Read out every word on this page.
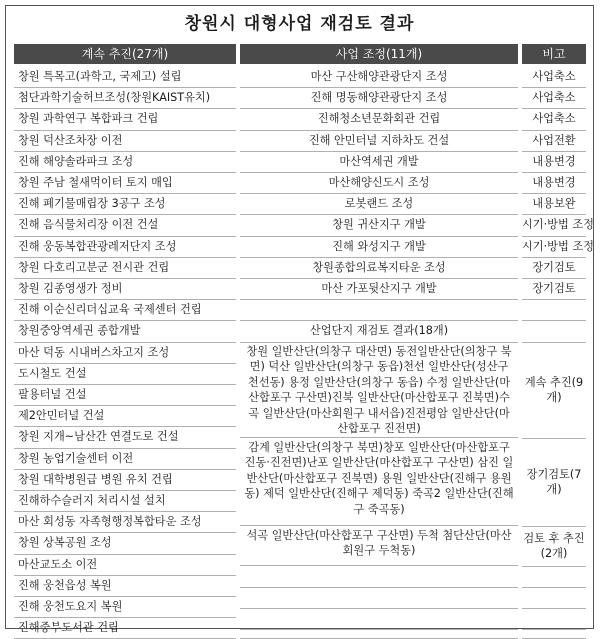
창원시 대형사업 재검토 결과
계속 추진(27개)
창원 특목고(과학고, 국제고) 설립
첨단과학기술허브조성(창원KAIST유치)
창원 과학연구 복합파크 건립
창원 덕산조차장 이전
진해 해양솔라파크 조성
창원 주남 철새먹이터 토지 매입
진해 폐기물매립장 3공구 조성
진해 음식물처리장 이전 건설
진해 웅동복합관광레저단지 조성
창원 다호리고분군 전시관 건립
창원 김종영생가 정비
진해 이순신리더십교육 국제센터 건립
창원중앙역세권 종합개발
마산 덕동 시내버스차고지 조성
도시철도 건설
팔용터널 건설
제2안민터널 건설
창원 지개~남산간 연결도로 건설
창원 농업기술센터 이전
창원 대학병원급 병원 유치 건립
진해하수슬러지 처리시설 설치
마산 회성동 자족형행정복합타운 조성
창원 상복공원 조성
마산교도소 이전
진해 웅천읍성 복원
진해 웅천도요지 복원
진해중부도서관 건립
사업 조정(11개)
마산 구산해양관광단지 조성
진해 명동해양관광단지 조성
진해청소년문화회관 건립
진해 안민터널 지하차도 건설
마산역세권 개발
마산해양신도시 조성
로봇랜드 조성
창원 귀산지구 개발
진해 와성지구 개발
창원종합의료복지타운 조성
마산 가포뒷산지구 개발
산업단지 재검토 결과(18개)
창원 일반산단(의창구 대산면) 동전일반산단(의창구 북면) 덕산 일반산단(의창구 동읍)천선 일반산단(성산구 천선동) 용정 일반산단(의창구 동읍) 수정 일반산단(마산합포구 구산면)진북 일반산단(마산합포구 진북면)수곡 일반산단(마산회원구 내서읍)진전평암 일반산단(마산합포구 진전면)
감계 일반산단(의창구 북면)창포 일반산단(마산합포구 진동·진전면)난포 일반산단(마산합포구 구산면) 삼진 일반산단(마산합포구 진북면) 용원 일반산단(진해구 용원동) 제덕 일반산단(진해구 제덕동) 죽곡2 일반산단(진해구 죽곡동)
석곡 일반산단(마산합포구 구산면) 두척 첨단산단(마산회원구 두척동)
비고
사업축소
사업축소
사업축소
사업전환
내용변경
내용변경
내용보완
시기·방법 조정
시기·방법 조정
장기검토
장기검토
계속 추진(9개)
장기검토(7개)
검토 후 추진(2개)
